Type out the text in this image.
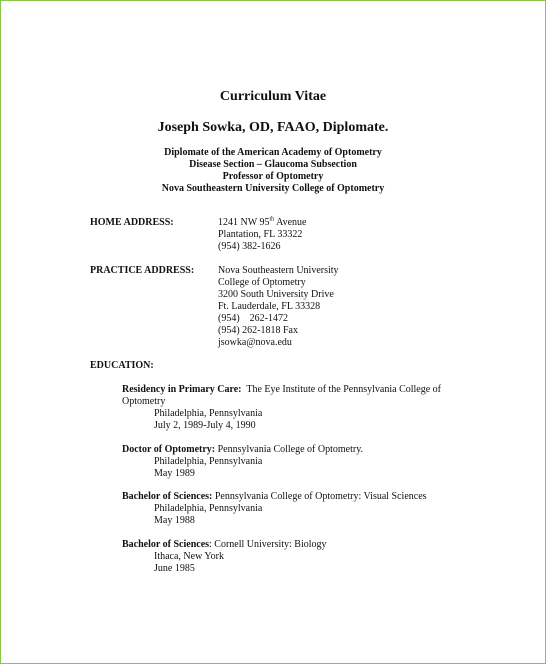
Curriculum Vitae
Joseph Sowka, OD, FAAO, Diplomate.
Diplomate of the American Academy of Optometry
Disease Section – Glaucoma Subsection
Professor of Optometry
Nova Southeastern University College of Optometry
HOME ADDRESS:	1241 NW 95th Avenue
Plantation, FL 33322
(954) 382-1626
PRACTICE ADDRESS: Nova Southeastern University
College of Optometry
3200 South University Drive
Ft. Lauderdale, FL 33328
(954)    262-1472
(954) 262-1818 Fax
jsowka@nova.edu
EDUCATION:
Residency in Primary Care:  The Eye Institute of the Pennsylvania College of
Optometry
Philadelphia, Pennsylvania
July 2, 1989-July 4, 1990
Doctor of Optometry: Pennsylvania College of Optometry.
Philadelphia, Pennsylvania
May 1989
Bachelor of Sciences: Pennsylvania College of Optometry: Visual Sciences
Philadelphia, Pennsylvania
May 1988
Bachelor of Sciences: Cornell University: Biology
Ithaca, New York
June 1985
